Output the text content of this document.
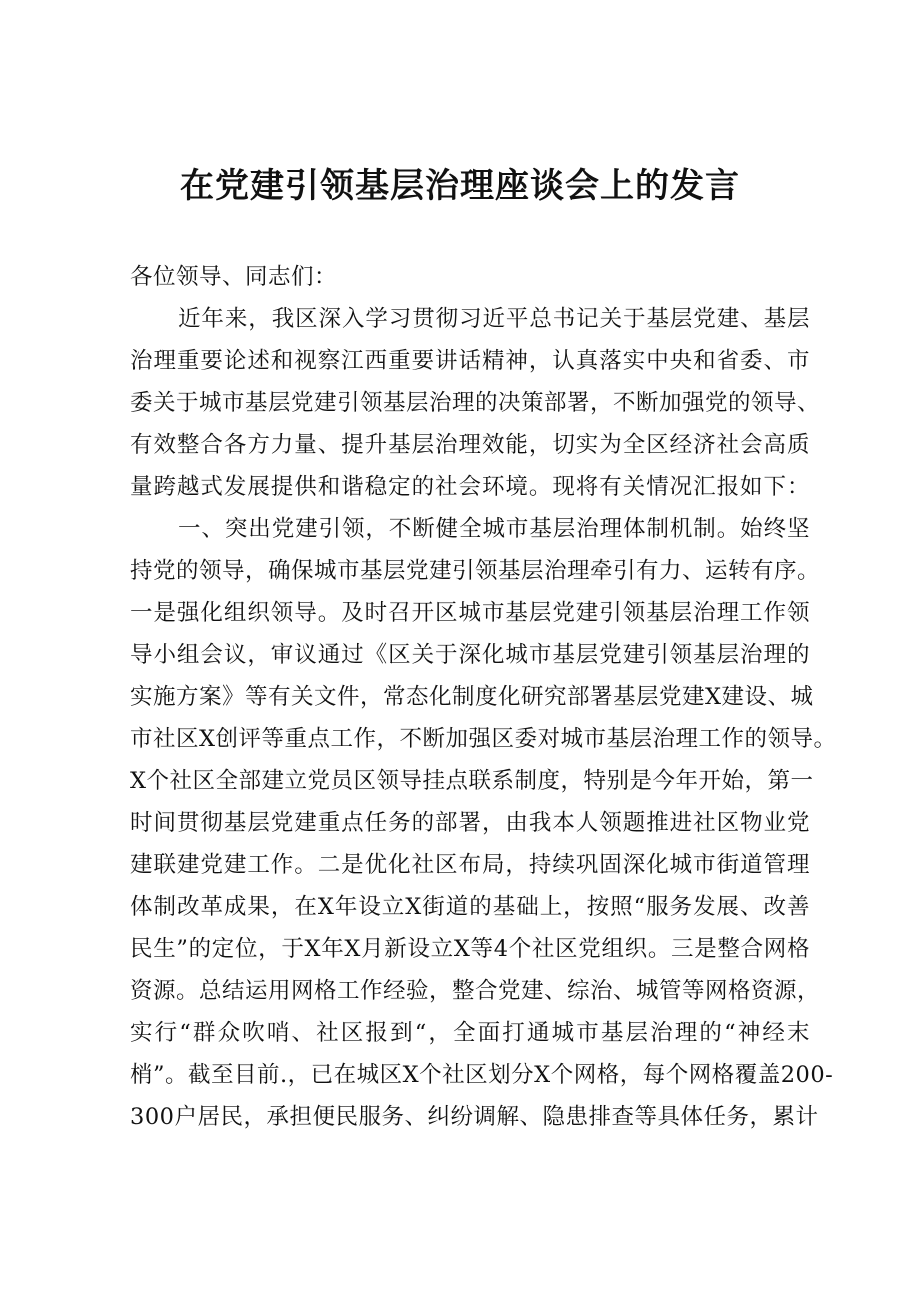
在党建引领基层治理座谈会上的发言
各位领导、同志们：
近年来，我区深入学习贯彻习近平总书记关于基层党建、基层
治理重要论述和视察江西重要讲话精神，认真落实中央和省委、市
委关于城市基层党建引领基层治理的决策部署，不断加强党的领导、
有效整合各方力量、提升基层治理效能，切实为全区经济社会高质
量跨越式发展提供和谐稳定的社会环境。现将有关情况汇报如下：
一、突出党建引领，不断健全城市基层治理体制机制。始终坚
持党的领导，确保城市基层党建引领基层治理牵引有力、运转有序。
一是强化组织领导。及时召开区城市基层党建引领基层治理工作领
导小组会议，审议通过《区关于深化城市基层党建引领基层治理的
实施方案》等有关文件，常态化制度化研究部署基层党建X建设、城
市社区X创评等重点工作，不断加强区委对城市基层治理工作的领导。
X个社区全部建立党员区领导挂点联系制度，特别是今年开始，第一
时间贯彻基层党建重点任务的部署，由我本人领题推进社区物业党
建联建党建工作。二是优化社区布局，持续巩固深化城市街道管理
体制改革成果，在X年设立X街道的基础上，按照“服务发展、改善
民生”的定位，于X年X月新设立X等4个社区党组织。三是整合网格
资源。总结运用网格工作经验，整合党建、综治、城管等网格资源，
实行“群众吹哨、社区报到“，全面打通城市基层治理的“神经末
梢”。截至目前.，已在城区X个社区划分X个网格，每个网格覆盖200-
300户居民，承担便民服务、纠纷调解、隐患排查等具体任务，累计
